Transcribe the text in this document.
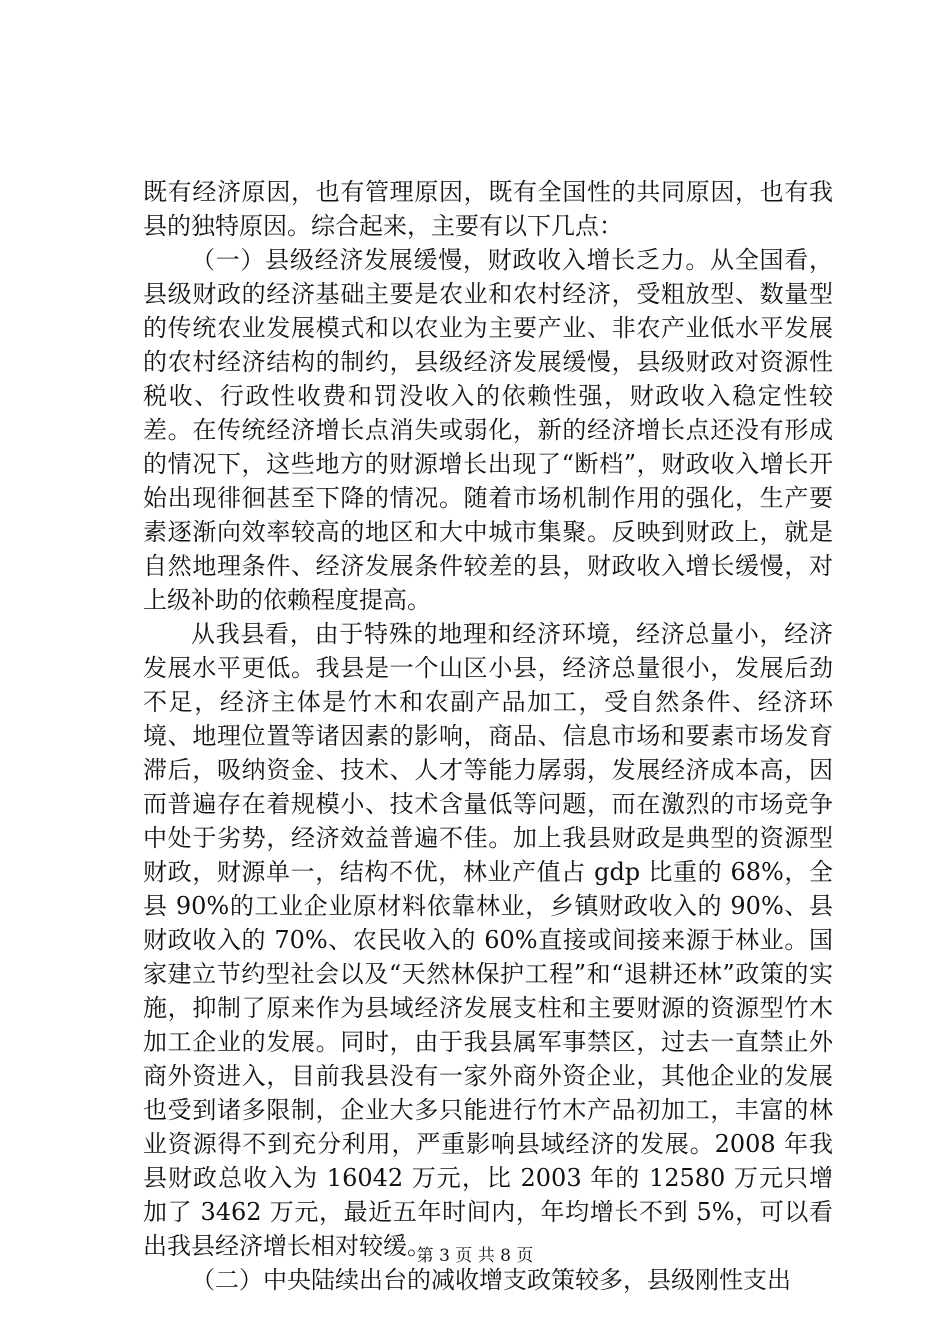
既有经济原因，也有管理原因，既有全国性的共同原因，也有我县的独特原因。综合起来，主要有以下几点：

（一）县级经济发展缓慢，财政收入增长乏力。从全国看，县级财政的经济基础主要是农业和农村经济，受粗放型、数量型的传统农业发展模式和以农业为主要产业、非农产业低水平发展的农村经济结构的制约，县级经济发展缓慢，县级财政对资源性税收、行政性收费和罚没收入的依赖性强，财政收入稳定性较差。在传统经济增长点消失或弱化，新的经济增长点还没有形成的情况下，这些地方的财源增长出现了“断档”，财政收入增长开始出现徘徊甚至下降的情况。随着市场机制作用的强化，生产要素逐渐向效率较高的地区和大中城市集聚。反映到财政上，就是自然地理条件、经济发展条件较差的县，财政收入增长缓慢，对上级补助的依赖程度提高。

从我县看，由于特殊的地理和经济环境，经济总量小，经济发展水平更低。我县是一个山区小县，经济总量很小，发展后劲不足，经济主体是竹木和农副产品加工，受自然条件、经济环境、地理位置等诸因素的影响，商品、信息市场和要素市场发育滞后，吸纳资金、技术、人才等能力孱弱，发展经济成本高，因而普遍存在着规模小、技术含量低等问题，而在激烈的市场竞争中处于劣势，经济效益普遍不佳。加上我县财政是典型的资源型财政，财源单一，结构不优，林业产值占 gdp 比重的 68%，全县 90%的工业企业原材料依靠林业，乡镇财政收入的 90%、县财政收入的 70%、农民收入的 60%直接或间接来源于林业。国家建立节约型社会以及“天然林保护工程”和“退耕还林”政策的实施，抑制了原来作为县域经济发展支柱和主要财源的资源型竹木加工企业的发展。同时，由于我县属军事禁区，过去一直禁止外商外资进入，目前我县没有一家外商外资企业，其他企业的发展也受到诸多限制，企业大多只能进行竹木产品初加工，丰富的林业资源得不到充分利用，严重影响县域经济的发展。2008 年我县财政总收入为 16042 万元，比 2003 年的 12580 万元只增加了 3462 万元，最近五年时间内，年均增长不到 5%，可以看出我县经济增长相对较缓。

（二）中央陆续出台的减收增支政策较多，县级刚性支出

第 3 页 共 8 页
